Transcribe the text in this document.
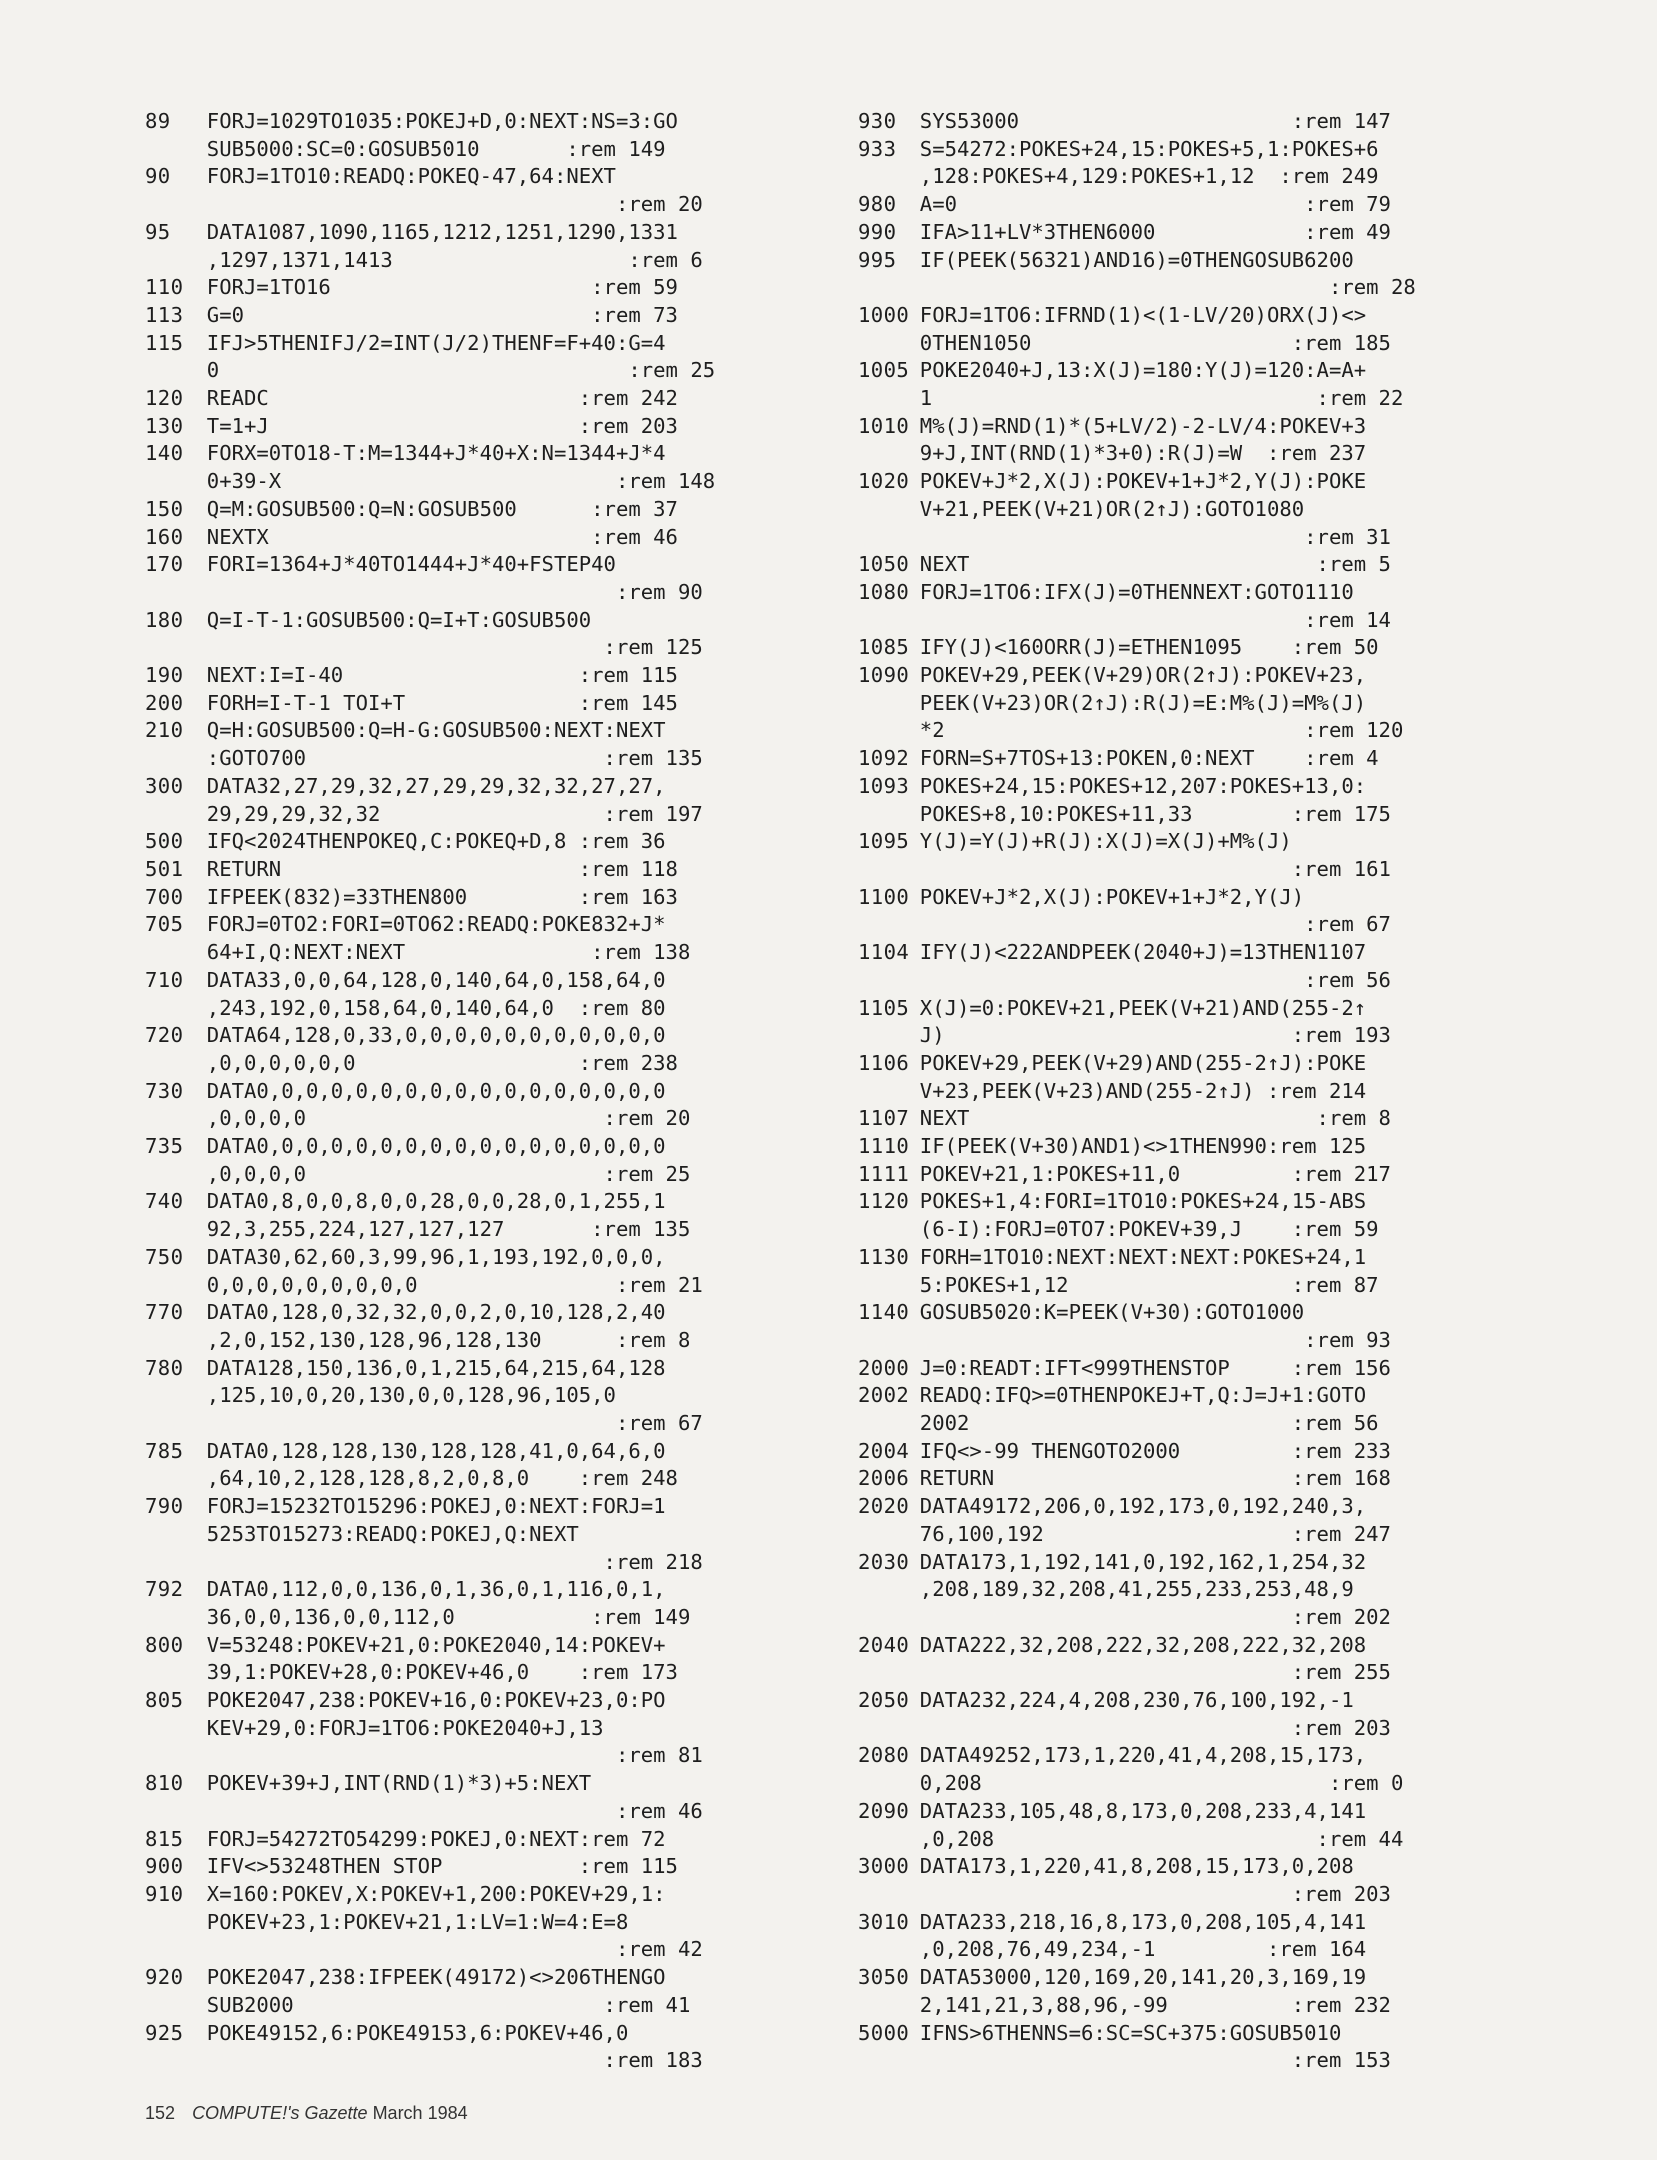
89	FORJ=1029TO1035:POKEJ+D,0:NEXT:NS=3:GO
SUB5000:SC=0:GOSUB5010       :rem 149
90	FORJ=1TO10:READQ:POKEQ-47,64:NEXT
:rem 20
95	DATA1087,1090,1165,1212,1251,1290,1331
,1297,1371,1413                   :rem 6
110	FORJ=1TO16                     :rem 59
113	G=0                            :rem 73
115	IFJ>5THENIFJ/2=INT(J/2)THENF=F+40:G=4
0                                 :rem 25
120	READC                         :rem 242
130	T=1+J                         :rem 203
140	FORX=0TO18-T:M=1344+J*40+X:N=1344+J*4
0+39-X                           :rem 148
150	Q=M:GOSUB500:Q=N:GOSUB500      :rem 37
160	NEXTX                          :rem 46
170	FORI=1364+J*40TO1444+J*40+FSTEP40
:rem 90
180	Q=I-T-1:GOSUB500:Q=I+T:GOSUB500
:rem 125
190	NEXT:I=I-40                   :rem 115
200	FORH=I-T-1 TOI+T              :rem 145
210	Q=H:GOSUB500:Q=H-G:GOSUB500:NEXT:NEXT
:GOTO700                        :rem 135
300	DATA32,27,29,32,27,29,29,32,32,27,27,
29,29,29,32,32                  :rem 197
500	IFQ<2024THENPOKEQ,C:POKEQ+D,8 :rem 36
501	RETURN                        :rem 118
700	IFPEEK(832)=33THEN800         :rem 163
705	FORJ=0TO2:FORI=0TO62:READQ:POKE832+J*
64+I,Q:NEXT:NEXT               :rem 138
710	DATA33,0,0,64,128,0,140,64,0,158,64,0
,243,192,0,158,64,0,140,64,0  :rem 80
720	DATA64,128,0,33,0,0,0,0,0,0,0,0,0,0,0
,0,0,0,0,0,0                  :rem 238
730	DATA0,0,0,0,0,0,0,0,0,0,0,0,0,0,0,0,0
,0,0,0,0                        :rem 20
735	DATA0,0,0,0,0,0,0,0,0,0,0,0,0,0,0,0,0
,0,0,0,0                        :rem 25
740	DATA0,8,0,0,8,0,0,28,0,0,28,0,1,255,1
92,3,255,224,127,127,127       :rem 135
750	DATA30,62,60,3,99,96,1,193,192,0,0,0,
0,0,0,0,0,0,0,0,0                :rem 21
770	DATA0,128,0,32,32,0,0,2,0,10,128,2,40
,2,0,152,130,128,96,128,130      :rem 8
780	DATA128,150,136,0,1,215,64,215,64,128
,125,10,0,20,130,0,0,128,96,105,0
:rem 67
785	DATA0,128,128,130,128,128,41,0,64,6,0
,64,10,2,128,128,8,2,0,8,0    :rem 248
790	FORJ=15232TO15296:POKEJ,0:NEXT:FORJ=1
5253TO15273:READQ:POKEJ,Q:NEXT
:rem 218
792	DATA0,112,0,0,136,0,1,36,0,1,116,0,1,
36,0,0,136,0,0,112,0           :rem 149
800	V=53248:POKEV+21,0:POKE2040,14:POKEV+
39,1:POKEV+28,0:POKEV+46,0    :rem 173
805	POKE2047,238:POKEV+16,0:POKEV+23,0:PO
KEV+29,0:FORJ=1TO6:POKE2040+J,13
:rem 81
810	POKEV+39+J,INT(RND(1)*3)+5:NEXT
:rem 46
815	FORJ=54272TO54299:POKEJ,0:NEXT:rem 72
900	IFV<>53248THEN STOP           :rem 115
910	X=160:POKEV,X:POKEV+1,200:POKEV+29,1:
POKEV+23,1:POKEV+21,1:LV=1:W=4:E=8
:rem 42
920	POKE2047,238:IFPEEK(49172)<>206THENGO
SUB2000                         :rem 41
925	POKE49152,6:POKE49153,6:POKEV+46,0
:rem 183
930	SYS53000                      :rem 147
933	S=54272:POKES+24,15:POKES+5,1:POKES+6
,128:POKES+4,129:POKES+1,12  :rem 249
980	A=0                            :rem 79
990	IFA>11+LV*3THEN6000            :rem 49
995	IF(PEEK(56321)AND16)=0THENGOSUB6200
:rem 28
1000 FORJ=1TO6:IFRND(1)<(1-LV/20)ORX(J)<>
0THEN1050                     :rem 185
1005 POKE2040+J,13:X(J)=180:Y(J)=120:A=A+
1                               :rem 22
1010 M%(J)=RND(1)*(5+LV/2)-2-LV/4:POKEV+3
9+J,INT(RND(1)*3+0):R(J)=W  :rem 237
1020 POKEV+J*2,X(J):POKEV+1+J*2,Y(J):POKE
V+21,PEEK(V+21)OR(2↑J):GOTO1080
:rem 31
1050 NEXT                            :rem 5
1080 FORJ=1TO6:IFX(J)=0THENNEXT:GOTO1110
:rem 14
1085 IFY(J)<160ORR(J)=ETHEN1095    :rem 50
1090 POKEV+29,PEEK(V+29)OR(2↑J):POKEV+23,
PEEK(V+23)OR(2↑J):R(J)=E:M%(J)=M%(J)
*2                             :rem 120
1092 FORN=S+7TOS+13:POKEN,0:NEXT    :rem 4
1093 POKES+24,15:POKES+12,207:POKES+13,0:
POKES+8,10:POKES+11,33        :rem 175
1095 Y(J)=Y(J)+R(J):X(J)=X(J)+M%(J)
:rem 161
1100 POKEV+J*2,X(J):POKEV+1+J*2,Y(J)
:rem 67
1104 IFY(J)<222ANDPEEK(2040+J)=13THEN1107
:rem 56
1105 X(J)=0:POKEV+21,PEEK(V+21)AND(255-2↑
J)                            :rem 193
1106 POKEV+29,PEEK(V+29)AND(255-2↑J):POKE
V+23,PEEK(V+23)AND(255-2↑J) :rem 214
1107 NEXT                            :rem 8
1110 IF(PEEK(V+30)AND1)<>1THEN990:rem 125
1111 POKEV+21,1:POKES+11,0         :rem 217
1120 POKES+1,4:FORI=1TO10:POKES+24,15-ABS
(6-I):FORJ=0TO7:POKEV+39,J    :rem 59
1130 FORH=1TO10:NEXT:NEXT:NEXT:POKES+24,1
5:POKES+1,12                  :rem 87
1140 GOSUB5020:K=PEEK(V+30):GOTO1000
:rem 93
2000 J=0:READT:IFT<999THENSTOP     :rem 156
2002 READQ:IFQ>=0THENPOKEJ+T,Q:J=J+1:GOTO
2002                          :rem 56
2004 IFQ<>-99 THENGOTO2000         :rem 233
2006 RETURN                        :rem 168
2020 DATA49172,206,0,192,173,0,192,240,3,
76,100,192                    :rem 247
2030 DATA173,1,192,141,0,192,162,1,254,32
,208,189,32,208,41,255,233,253,48,9
:rem 202
2040 DATA222,32,208,222,32,208,222,32,208
:rem 255
2050 DATA232,224,4,208,230,76,100,192,-1
:rem 203
2080 DATA49252,173,1,220,41,4,208,15,173,
0,208                            :rem 0
2090 DATA233,105,48,8,173,0,208,233,4,141
,0,208                          :rem 44
3000 DATA173,1,220,41,8,208,15,173,0,208
:rem 203
3010 DATA233,218,16,8,173,0,208,105,4,141
,0,208,76,49,234,-1         :rem 164
3050 DATA53000,120,169,20,141,20,3,169,19
2,141,21,3,88,96,-99          :rem 232
5000 IFNS>6THENNS=6:SC=SC+375:GOSUB5010
:rem 153
152 COMPUTE!'s Gazette March 1984
